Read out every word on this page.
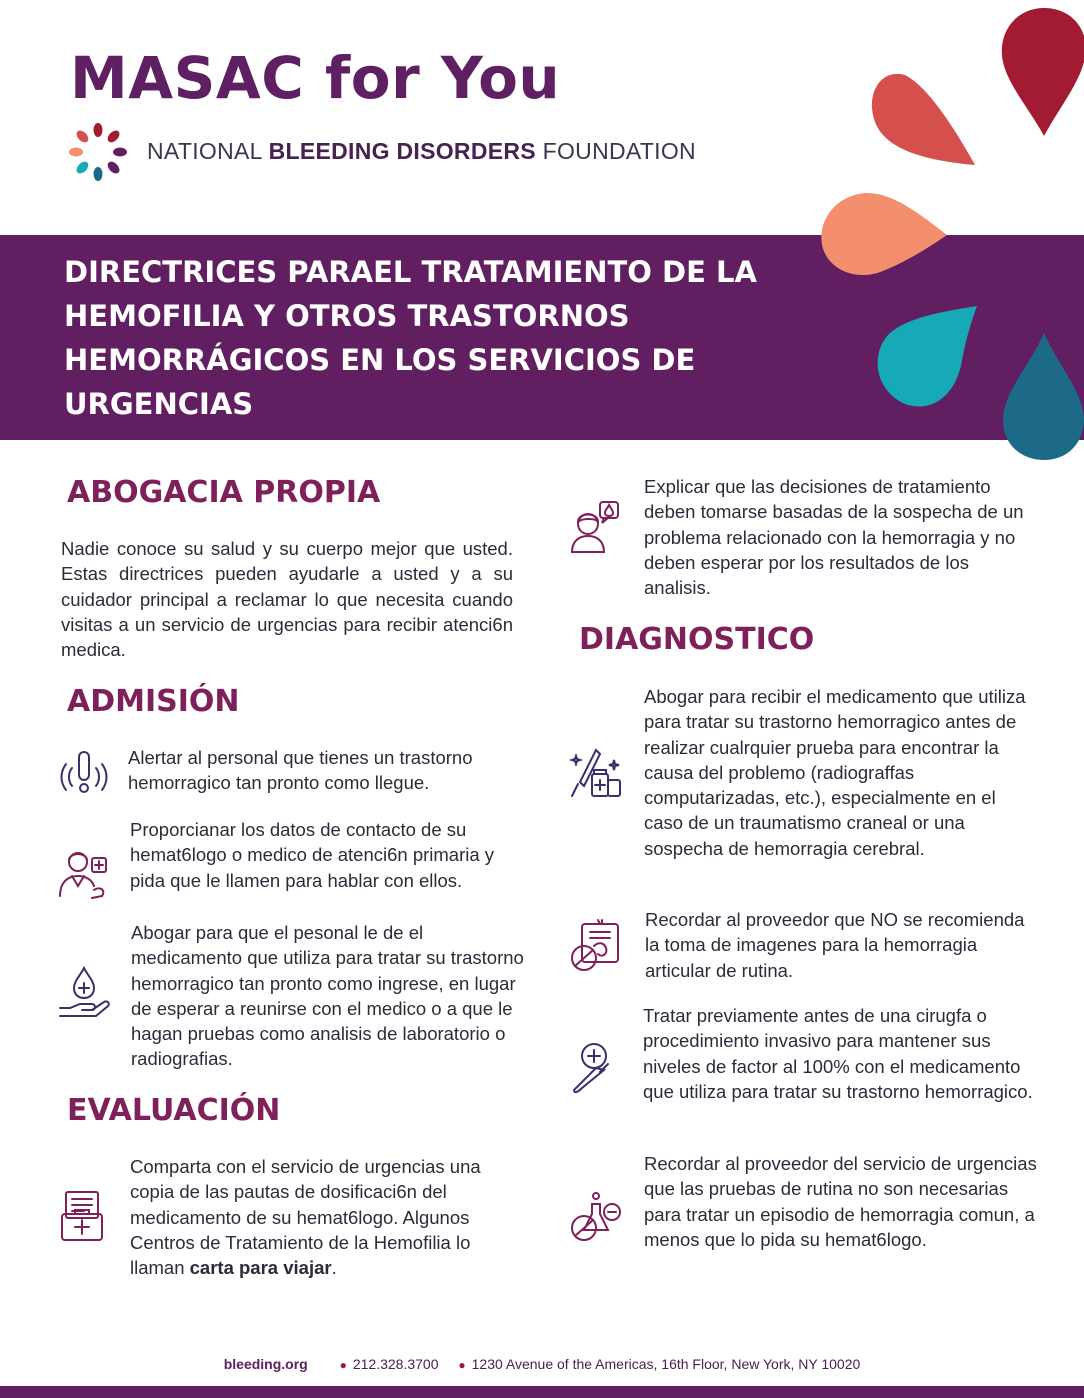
MASAC for You
NATIONAL BLEEDING DISORDERS FOUNDATION
DIRECTRICES PARAEL TRATAMIENTO DE LA
HEMOFILIA Y OTROS TRASTORNOS
HEMORRÁGICOS EN LOS SERVICIOS DE
URGENCIAS
ABOGACIA PROPIA
Nadie conoce su salud y su cuerpo mejor que usted. Estas directrices pueden ayudarle a usted y a su cuidador principal a reclamar lo que necesita cuando visitas a un servicio de urgencias para recibir atenci6n medica.
ADMISIÓN
Alertar al personal que tienes un trastorno hemorragico tan pronto como llegue.
Proporcianar los datos de contacto de su hemat6logo o medico de atenci6n primaria y pida que le llamen para hablar con ellos.
Abogar para que el pesonal le de el medicamento que utiliza para tratar su trastorno hemorragico tan pronto como ingrese, en lugar de esperar a reunirse con el medico o a que le hagan pruebas como analisis de laboratorio o radiografias.
EVALUACIÓN
Comparta con el servicio de urgencias una copia de las pautas de dosificaci6n del medicamento de su hemat6logo. Algunos Centros de Tratamiento de la Hemofilia lo llaman carta para viajar.
Explicar que las decisiones de tratamiento deben tomarse basadas de la sospecha de un problema relacionado con la hemorragia y no deben esperar por los resultados de los analisis.
DIAGNOSTICO
Abogar para recibir el medicamento que utiliza para tratar su trastorno hemorragico antes de realizar cualrquier prueba para encontrar la causa del problemo (radiograffas computarizadas, etc.), especialmente en el caso de un traumatismo craneal or una sospecha de hemorragia cerebral.
Recordar al proveedor que NO se recomienda la toma de imagenes para la hemorragia articular de rutina.
Tratar previamente antes de una cirugfa o procedimiento invasivo para mantener sus niveles de factor al 100% con el medicamento que utiliza para tratar su trastorno hemorragico.
Recordar al proveedor del servicio de urgencias que las pruebas de rutina no son necesarias para tratar un episodio de hemorragia comun, a menos que lo pida su hemat6logo.
bleeding.org	● 212.328.3700 ● 1230 Avenue of the Americas, 16th Floor, New York, NY 10020
